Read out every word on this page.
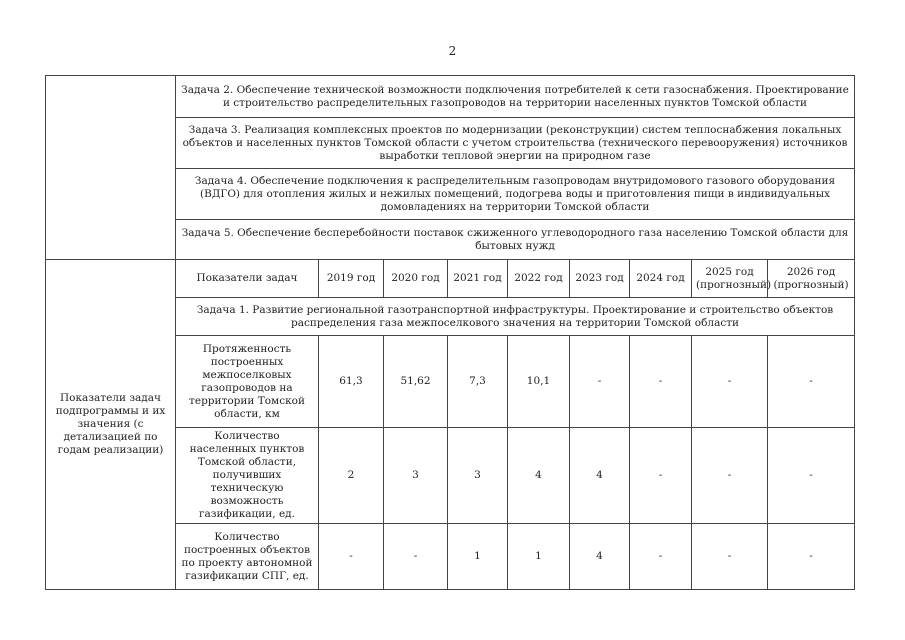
2
	Задача 2. Обеспечение технической возможности подключения потребителей к сети газоснабжения. Проектирование и строительство распределительных газопроводов на территории населенных пунктов Томской области								
	Задача 3. Реализация комплексных проектов по модернизации (реконструкции) систем теплоснабжения локальных объектов и населенных пунктов Томской области с учетом строительства (технического перевооружения) источников выработки тепловой энергии на природном газе								
	Задача 4. Обеспечение подключения к распределительным газопроводам внутридомового газового оборудования (ВДГО) для отопления жилых и нежилых помещений, подогрева воды и приготовления пищи в индивидуальных домовладениях на территории Томской области								
	Задача 5. Обеспечение бесперебойности поставок сжиженного углеводородного газа населению Томской области для бытовых нужд								
Показатели задач подпрограммы и их значения (с детализацией по годам реализации)	Показатели задач	2019 год	2020 год	2021 год	2022 год	2023 год	2024 год	2025 год (прогнозный)	2026 год (прогнозный)
	Задача 1. Развитие региональной газотранспортной инфраструктуры. Проектирование и строительство объектов распределения газа межпоселкового значения на территории Томской области								
	Протяженность построенных межпоселковых газопроводов на территории Томской области, км	61,3	51,62	7,3	10,1	-	-	-	-
	Количество населенных пунктов Томской области, получивших техническую возможность газификации, ед.	2	3	3	4	4	-	-	-
	Количество построенных объектов по проекту автономной газификации СПГ, ед.	-	-	1	1	4	-	-	-
